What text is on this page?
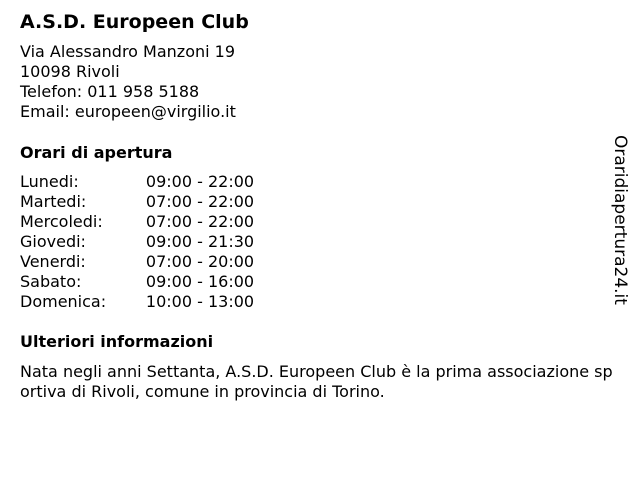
A.S.D. Europeen Club
Via Alessandro Manzoni 19
10098 Rivoli
Telefon: 011 958 5188
Email: europeen@virgilio.it
Orari di apertura
Lunedi:	09:00 - 22:00
Martedi:	07:00 - 22:00
Mercoledi:	07:00 - 22:00
Giovedi:	09:00 - 21:30
Venerdi:	07:00 - 20:00
Sabato:	09:00 - 16:00
Domenica:	10:00 - 13:00
Ulteriori informazioni

Nata negli anni Settanta, A.S.D. Europeen Club è la prima associazione sportiva di Rivoli, comune in provincia di Torino.

Oraridiapertura24.it
